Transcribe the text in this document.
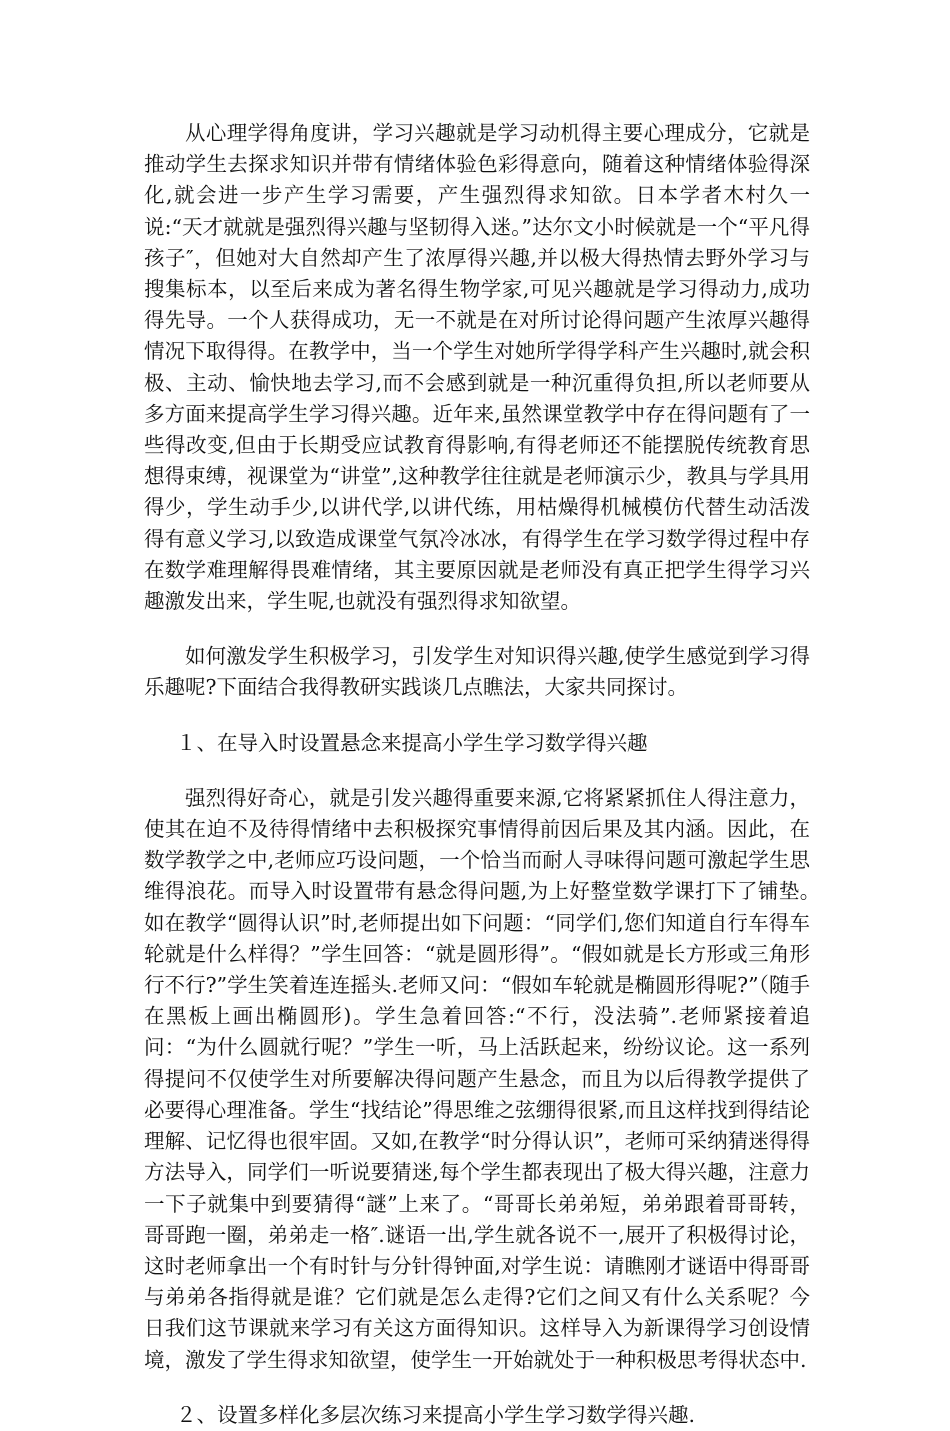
从心理学得角度讲，学习兴趣就是学习动机得主要心理成分，它就是推动学生去探求知识并带有情绪体验色彩得意向，随着这种情绪体验得深化,就会进一步产生学习需要，产生强烈得求知欲。日本学者木村久一说:“天才就就是强烈得兴趣与坚韧得入迷。”达尔文小时候就是一个“平凡得孩子″，但她对大自然却产生了浓厚得兴趣,并以极大得热情去野外学习与搜集标本，以至后来成为著名得生物学家,可见兴趣就是学习得动力,成功得先导。一个人获得成功，无一不就是在对所讨论得问题产生浓厚兴趣得情况下取得得。在教学中，当一个学生对她所学得学科产生兴趣时,就会积极、主动、愉快地去学习,而不会感到就是一种沉重得负担,所以老师要从多方面来提高学生学习得兴趣。近年来,虽然课堂教学中存在得问题有了一些得改变,但由于长期受应试教育得影响,有得老师还不能摆脱传统教育思想得束缚，视课堂为“讲堂”,这种教学往往就是老师演示少，教具与学具用得少，学生动手少,以讲代学,以讲代练，用枯燥得机械模仿代替生动活泼得有意义学习,以致造成课堂气氛冷冰冰，有得学生在学习数学得过程中存在数学难理解得畏难情绪，其主要原因就是老师没有真正把学生得学习兴趣激发出来，学生呢,也就没有强烈得求知欲望。

如何激发学生积极学习，引发学生对知识得兴趣,使学生感觉到学习得乐趣呢?下面结合我得教研实践谈几点瞧法，大家共同探讨。

１、在导入时设置悬念来提高小学生学习数学得兴趣

强烈得好奇心，就是引发兴趣得重要来源,它将紧紧抓住人得注意力，使其在迫不及待得情绪中去积极探究事情得前因后果及其内涵。因此，在数学教学之中,老师应巧设问题，一个恰当而耐人寻味得问题可激起学生思维得浪花。而导入时设置带有悬念得问题,为上好整堂数学课打下了铺垫。　如在教学“圆得认识”时,老师提出如下问题：“同学们,您们知道自行车得车轮就是什么样得？”学生回答：“就是圆形得”。“假如就是长方形或三角形行不行?”学生笑着连连摇头.老师又问：“假如车轮就是椭圆形得呢?”（随手在黑板上画出椭圆形)。学生急着回答:“不行，没法骑”.老师紧接着追问：“为什么圆就行呢？”学生一听，马上活跃起来，纷纷议论。这一系列得提问不仅使学生对所要解决得问题产生悬念，而且为以后得教学提供了必要得心理准备。学生“找结论”得思维之弦绷得很紧,而且这样找到得结论理解、记忆得也很牢固。又如,在教学“时分得认识”，老师可采纳猜迷得得方法导入，同学们一听说要猜迷,每个学生都表现出了极大得兴趣，注意力一下子就集中到要猜得“謎”上来了。“哥哥长弟弟短，弟弟跟着哥哥转，哥哥跑一圈，弟弟走一格″.谜语一出,学生就各说不一,展开了积极得讨论，这时老师拿出一个有时针与分针得钟面,对学生说：请瞧刚才谜语中得哥哥与弟弟各指得就是谁？它们就是怎么走得?它们之间又有什么关系呢？今日我们这节课就来学习有关这方面得知识。这样导入为新课得学习创设情境，激发了学生得求知欲望，使学生一开始就处于一种积极思考得状态中.

２、设置多样化多层次练习来提高小学生学习数学得兴趣.
